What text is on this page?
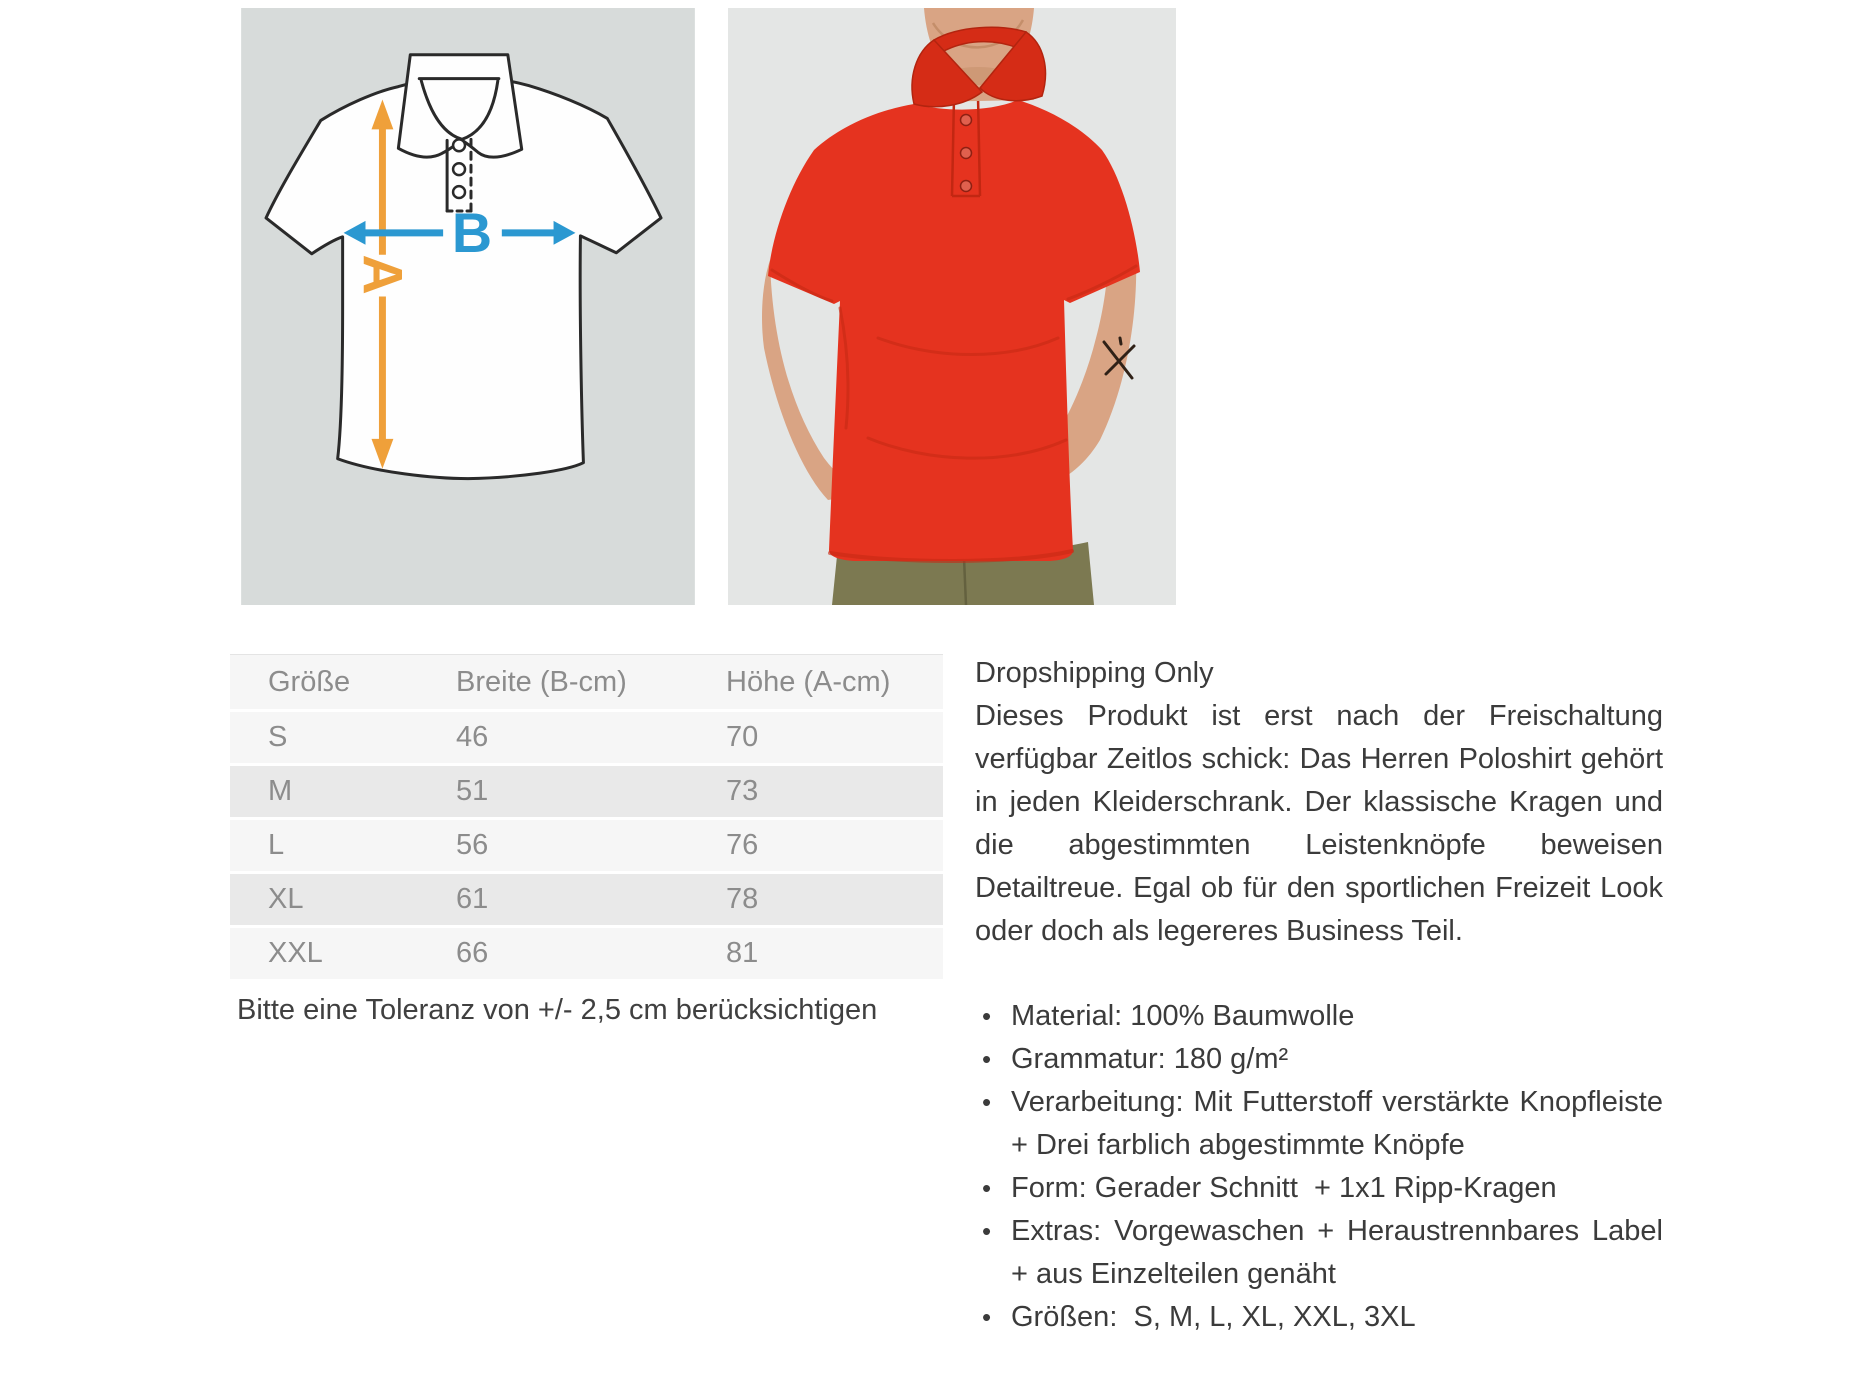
A
B
Größe	Breite (B-cm)	Höhe (A-cm)
S	46	70
M	51	73
L	56	76
XL	61	78
XXL	66	81
Bitte eine Toleranz von +/- 2,5 cm berücksichtigen
Dropshipping Only
Dieses Produkt ist erst nach der Freischaltung verfügbar Zeitlos schick: Das Herren Poloshirt gehört in jeden Kleiderschrank. Der klassische Kragen und die abgestimmten Leistenknöpfe beweisen Detailtreue. Egal ob für den sportlichen Freizeit Look oder doch als legereres Business Teil.
• Material: 100% Baumwolle
• Grammatur: 180 g/m²
• Verarbeitung: Mit Futterstoff verstärkte Knopfleiste + Drei farblich abgestimmte Knöpfe
• Form: Gerader Schnitt  + 1x1 Ripp-Kragen
• Extras: Vorgewaschen + Heraustrennbares Label + aus Einzelteilen genäht
• Größen:  S, M, L, XL, XXL, 3XL
